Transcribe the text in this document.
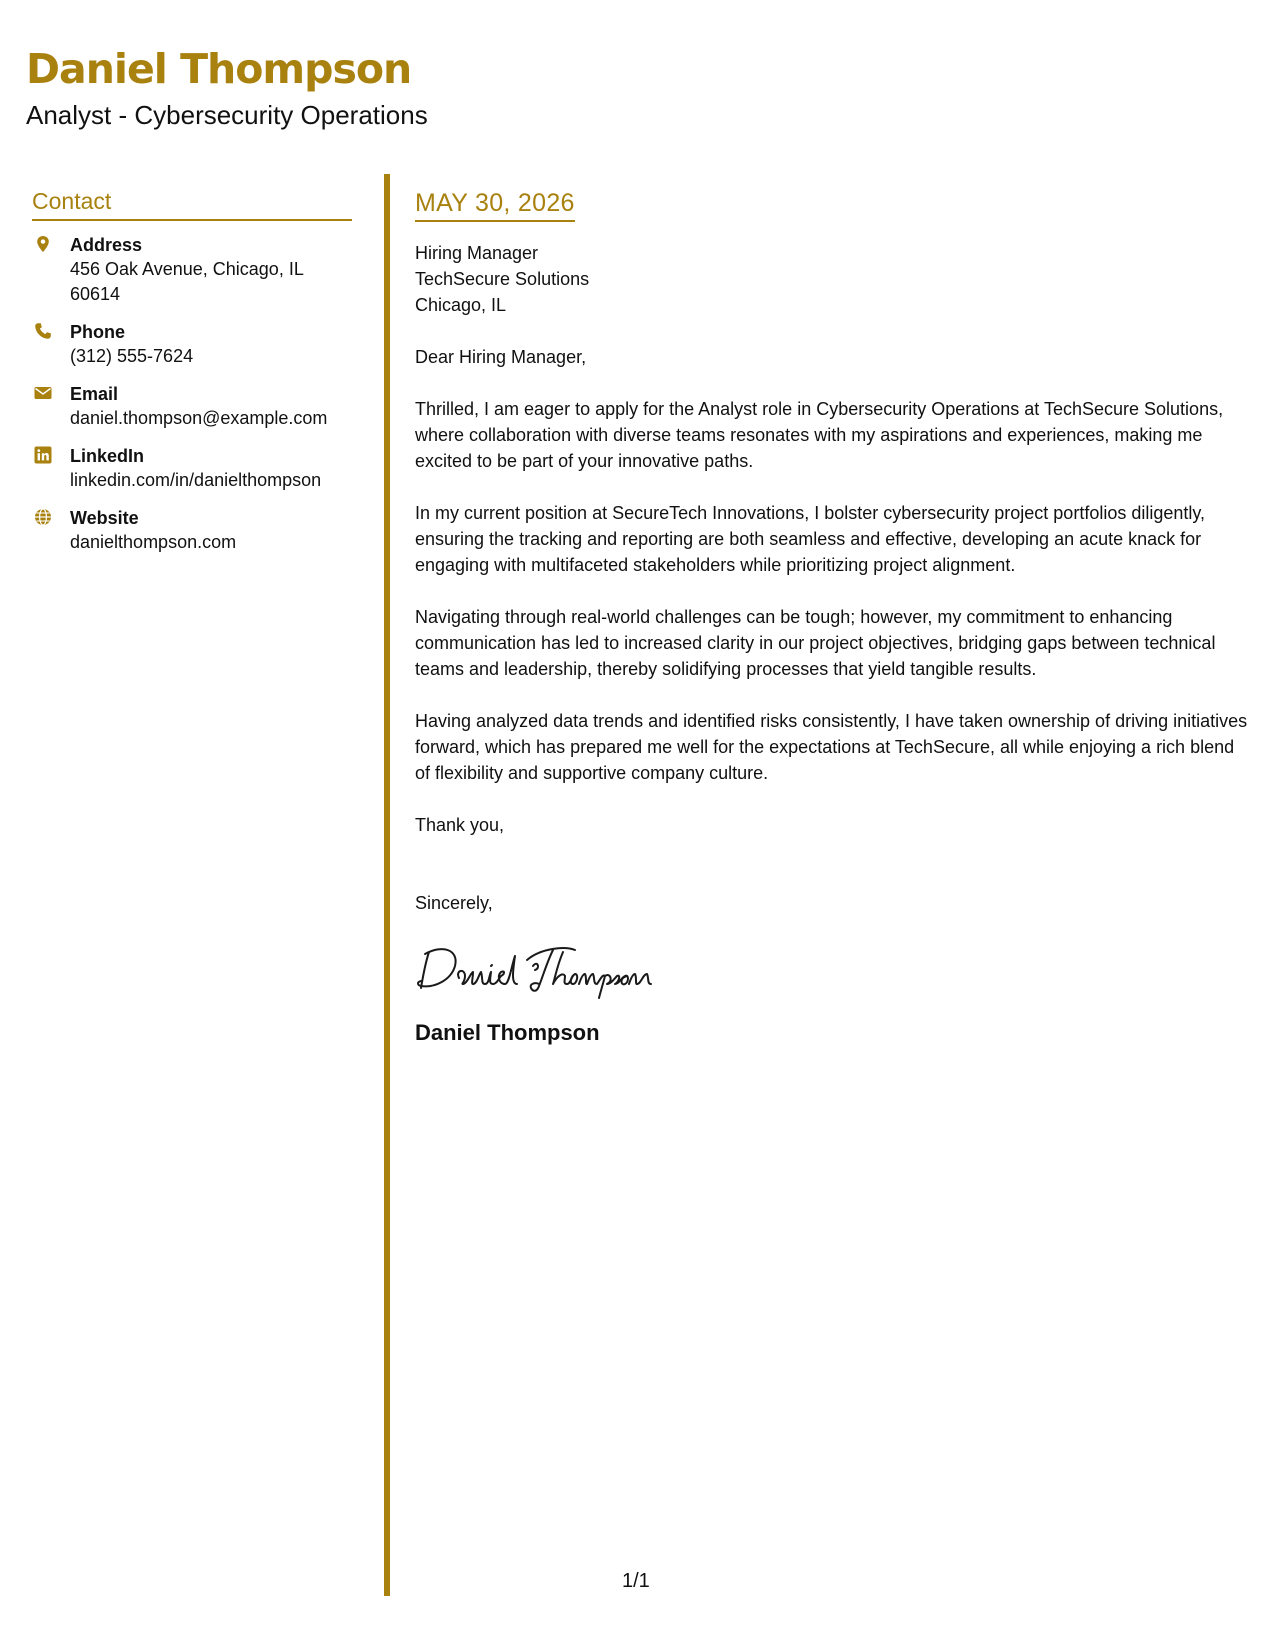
Daniel Thompson
Analyst - Cybersecurity Operations
Contact
Address
456 Oak Avenue, Chicago, IL 60614
Phone
(312) 555-7624
Email
daniel.thompson@example.com
LinkedIn
linkedin.com/in/danielthompson
Website
danielthompson.com
MAY 30, 2026
Hiring Manager
TechSecure Solutions
Chicago, IL
Dear Hiring Manager,
Thrilled, I am eager to apply for the Analyst role in Cybersecurity Operations at TechSecure Solutions, where collaboration with diverse teams resonates with my aspirations and experiences, making me excited to be part of your innovative paths.
In my current position at SecureTech Innovations, I bolster cybersecurity project portfolios diligently, ensuring the tracking and reporting are both seamless and effective, developing an acute knack for engaging with multifaceted stakeholders while prioritizing project alignment.
Navigating through real-world challenges can be tough; however, my commitment to enhancing communication has led to increased clarity in our project objectives, bridging gaps between technical teams and leadership, thereby solidifying processes that yield tangible results.
Having analyzed data trends and identified risks consistently, I have taken ownership of driving initiatives forward, which has prepared me well for the expectations at TechSecure, all while enjoying a rich blend of flexibility and supportive company culture.
Thank you,
Sincerely,
Daniel Thompson
1/1
